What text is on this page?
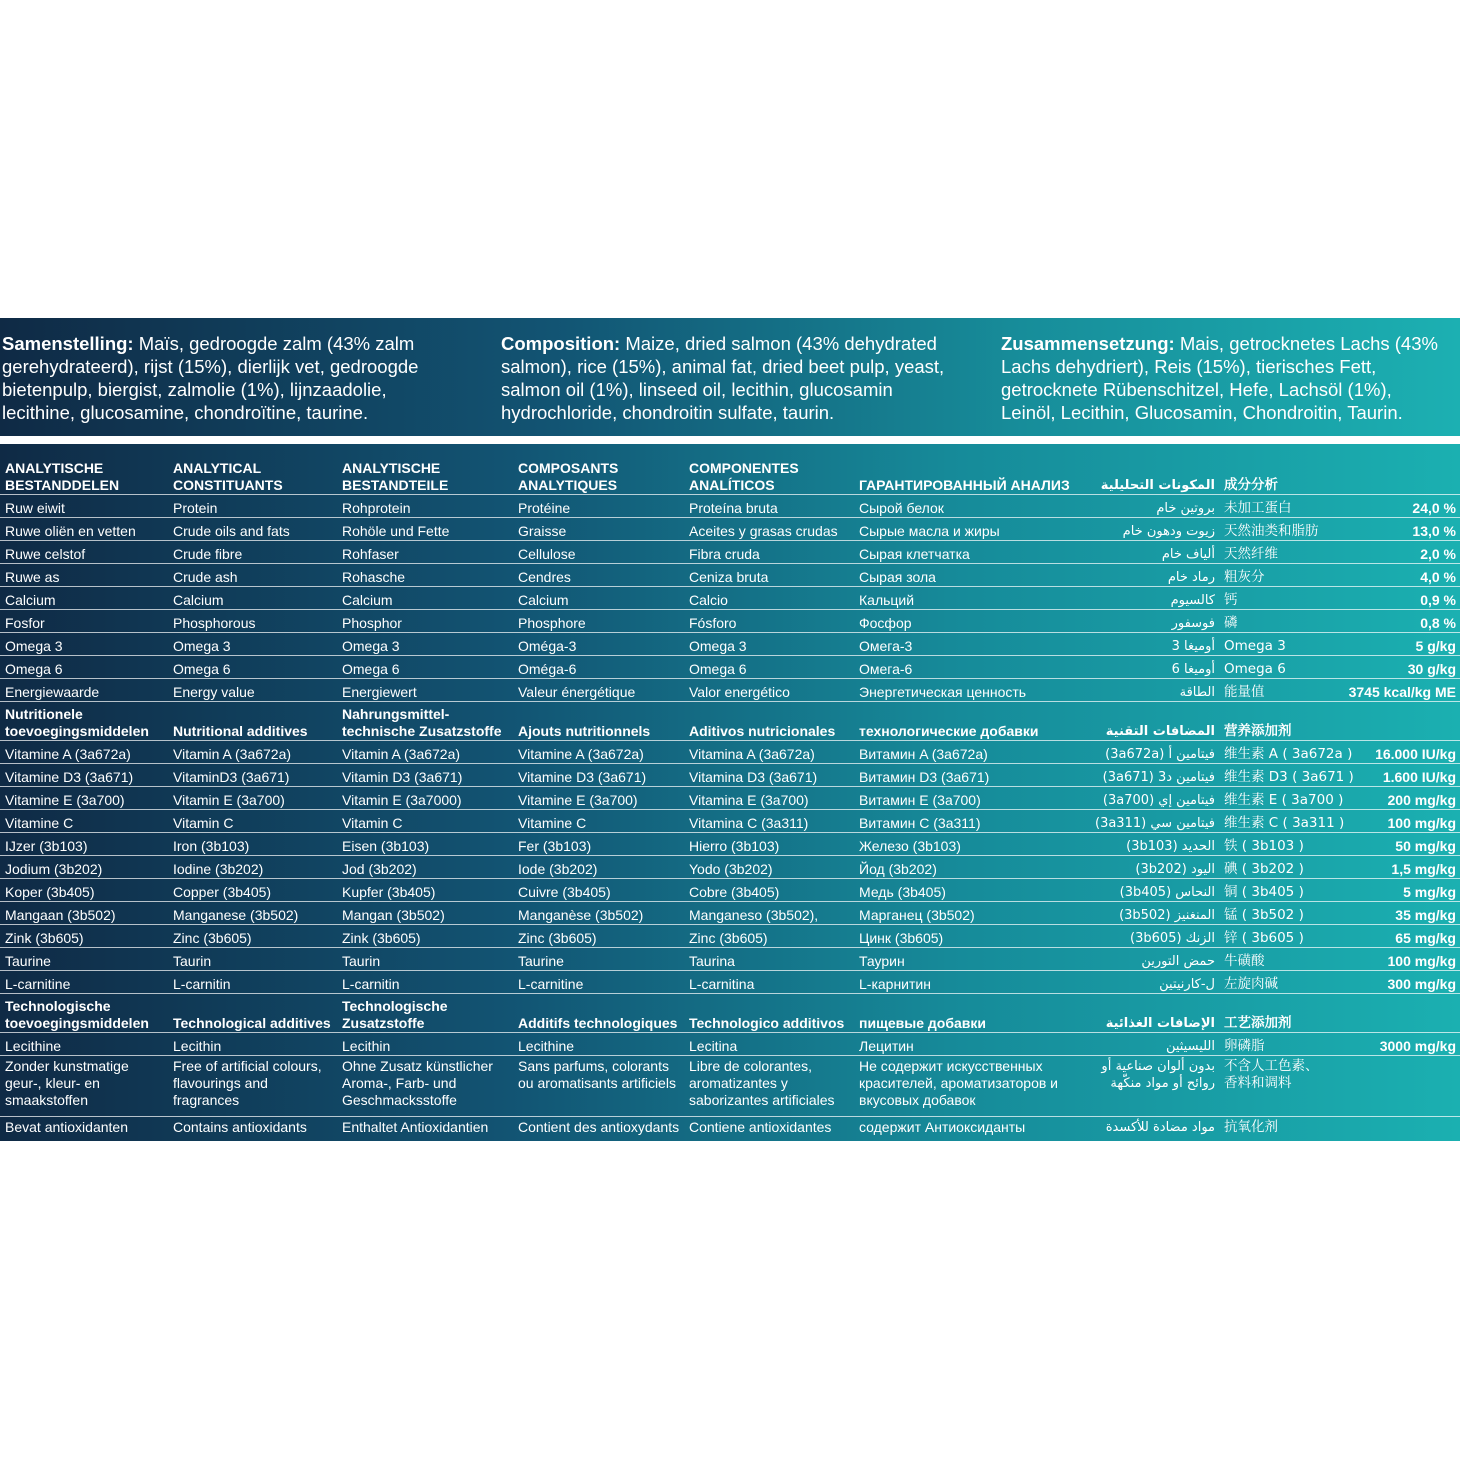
Samenstelling: Maïs, gedroogde zalm (43% zalm gerehydrateerd), rijst (15%), dierlijk vet, gedroogde bietenpulp, biergist, zalmolie (1%), lijnzaadolie, lecithine, glucosamine, chondroïtine, taurine.
Composition: Maize, dried salmon (43% dehydrated salmon), rice (15%), animal fat, dried beet pulp, yeast, salmon oil (1%), linseed oil, lecithin, glucosamin hydrochloride, chondroitin sulfate, taurin.
Zusammensetzung: Mais, getrocknetes Lachs (43% Lachs dehydriert), Reis (15%), tierisches Fett, getrocknete Rübenschitzel, Hefe, Lachsöl (1%), Leinöl, Lecithin, Glucosamin, Chondroitin, Taurin.
ANALYTISCHE BESTANDDELEN	ANALYTICAL CONSTITUANTS	ANALYTISCHE BESTANDTEILE	COMPOSANTS ANALYTIQUES	COMPONENTES ANALÍTICOS	ГАРАНТИРОВАННЫЙ АНАЛИЗ	المكونات التحليلية	成分分析	
Ruw eiwit	Protein	Rohprotein	Protéine	Proteína bruta	Сырой белок	بروتين خام	未加工蛋白	24,0 %
Ruwe oliën en vetten	Crude oils and fats	Rohöle und Fette	Graisse	Aceites y grasas crudas	Сырые масла и жиры	زيوت ودهون خام	天然油类和脂肪	13,0 %
Ruwe celstof	Crude fibre	Rohfaser	Cellulose	Fibra cruda	Сырая клетчатка	ألياف خام	天然纤维	2,0 %
Ruwe as	Crude ash	Rohasche	Cendres	Ceniza bruta	Сырая зола	رماد خام	粗灰分	4,0 %
Calcium	Calcium	Calcium	Calcium	Calcio	Кальций	كالسيوم	钙	0,9 %
Fosfor	Phosphorous	Phosphor	Phosphore	Fósforo	Фосфор	فوسفور	磷	0,8 %
Omega 3	Omega 3	Omega 3	Oméga-3	Omega 3	Омега-3	أوميغا 3	Omega 3	5 g/kg
Omega 6	Omega 6	Omega 6	Oméga-6	Omega 6	Омега-6	أوميغا 6	Omega 6	30 g/kg
Energiewaarde	Energy value	Energiewert	Valeur énergétique	Valor energético	Энергетическая ценность	الطاقة	能量值	3745 kcal/kg ME
Nutritionele toevoegingsmiddelen	Nutritional additives	Nahrungsmittel-technische Zusatzstoffe	Ajouts nutritionnels	Aditivos nutricionales	технологические добавки	المضافات التقنية	营养添加剂	
Vitamine A (3a672a)	Vitamin A (3a672a)	Vitamin A (3a672a)	Vitamine A (3a672a)	Vitamina A (3a672a)	Витамин A (3a672a)	فيتامين أ (3a672a)	维生素 A ( 3a672a )	16.000 IU/kg
Vitamine D3 (3a671)	VitaminD3 (3a671)	Vitamin D3 (3a671)	Vitamine D3 (3a671)	Vitamina D3 (3a671)	Витамин D3 (3a671)	فيتامين د3 (3a671)	维生素 D3 ( 3a671 )	1.600 IU/kg
Vitamine E (3a700)	Vitamin E (3a700)	Vitamin E (3a7000)	Vitamine E (3a700)	Vitamina E (3a700)	Витамин E (3a700)	فيتامين إي (3a700)	维生素 E ( 3a700 )	200 mg/kg
Vitamine C	Vitamin C	Vitamin C	Vitamine C	Vitamina C (3a311)	Витамин C (3a311)	فيتامين سي (3a311)	维生素 C ( 3a311 )	100 mg/kg
IJzer (3b103)	Iron (3b103)	Eisen (3b103)	Fer (3b103)	Hierro (3b103)	Железо (3b103)	الحديد (3b103)	铁 ( 3b103 )	50 mg/kg
Jodium (3b202)	Iodine (3b202)	Jod (3b202)	Iode (3b202)	Yodo (3b202)	Йод (3b202)	اليود (3b202)	碘 ( 3b202 )	1,5 mg/kg
Koper (3b405)	Copper (3b405)	Kupfer (3b405)	Cuivre (3b405)	Cobre (3b405)	Медь (3b405)	النحاس (3b405)	铜 ( 3b405 )	5 mg/kg
Mangaan (3b502)	Manganese (3b502)	Mangan (3b502)	Manganèse (3b502)	Manganeso (3b502),	Марганец (3b502)	المنغنيز (3b502)	锰 ( 3b502 )	35 mg/kg
Zink (3b605)	Zinc (3b605)	Zink (3b605)	Zinc (3b605)	Zinc (3b605)	Цинк (3b605)	الزنك (3b605)	锌 ( 3b605 )	65 mg/kg
Taurine	Taurin	Taurin	Taurine	Taurina	Таурин	حمض التورين	牛磺酸	100 mg/kg
L-carnitine	L-carnitin	L-carnitin	L-carnitine	L-carnitina	L-карнитин	ل-كارنيتين	左旋肉碱	300 mg/kg
Technologische toevoegingsmiddelen	Technological additives	Technologische Zusatzstoffe	Additifs technologiques	Technologico additivos	пищевые добавки	الإضافات الغذائية	工艺添加剂	
Lecithine	Lecithin	Lecithin	Lecithine	Lecitina	Лецитин	الليسيثين	卵磷脂	3000 mg/kg
Zonder kunstmatige geur-, kleur- en smaakstoffen	Free of artificial colours, flavourings and fragrances	Ohne Zusatz künstlicher Aroma-, Farb- und Geschmacksstoffe	Sans parfums, colorants ou aromatisants artificiels	Libre de colorantes, aromatizantes y saborizantes artificiales	Не содержит искусственных красителей, ароматизаторов и вкусовых добавок	بدون ألوان صناعية أو روائح أو مواد منكّهة	不含人工色素、香料和调料	
Bevat antioxidanten	Contains antioxidants	Enthaltet Antioxidantien	Contient des antioxydants	Contiene antioxidantes	содержит Антиоксиданты	مواد مضادة للأكسدة	抗氧化剂	
